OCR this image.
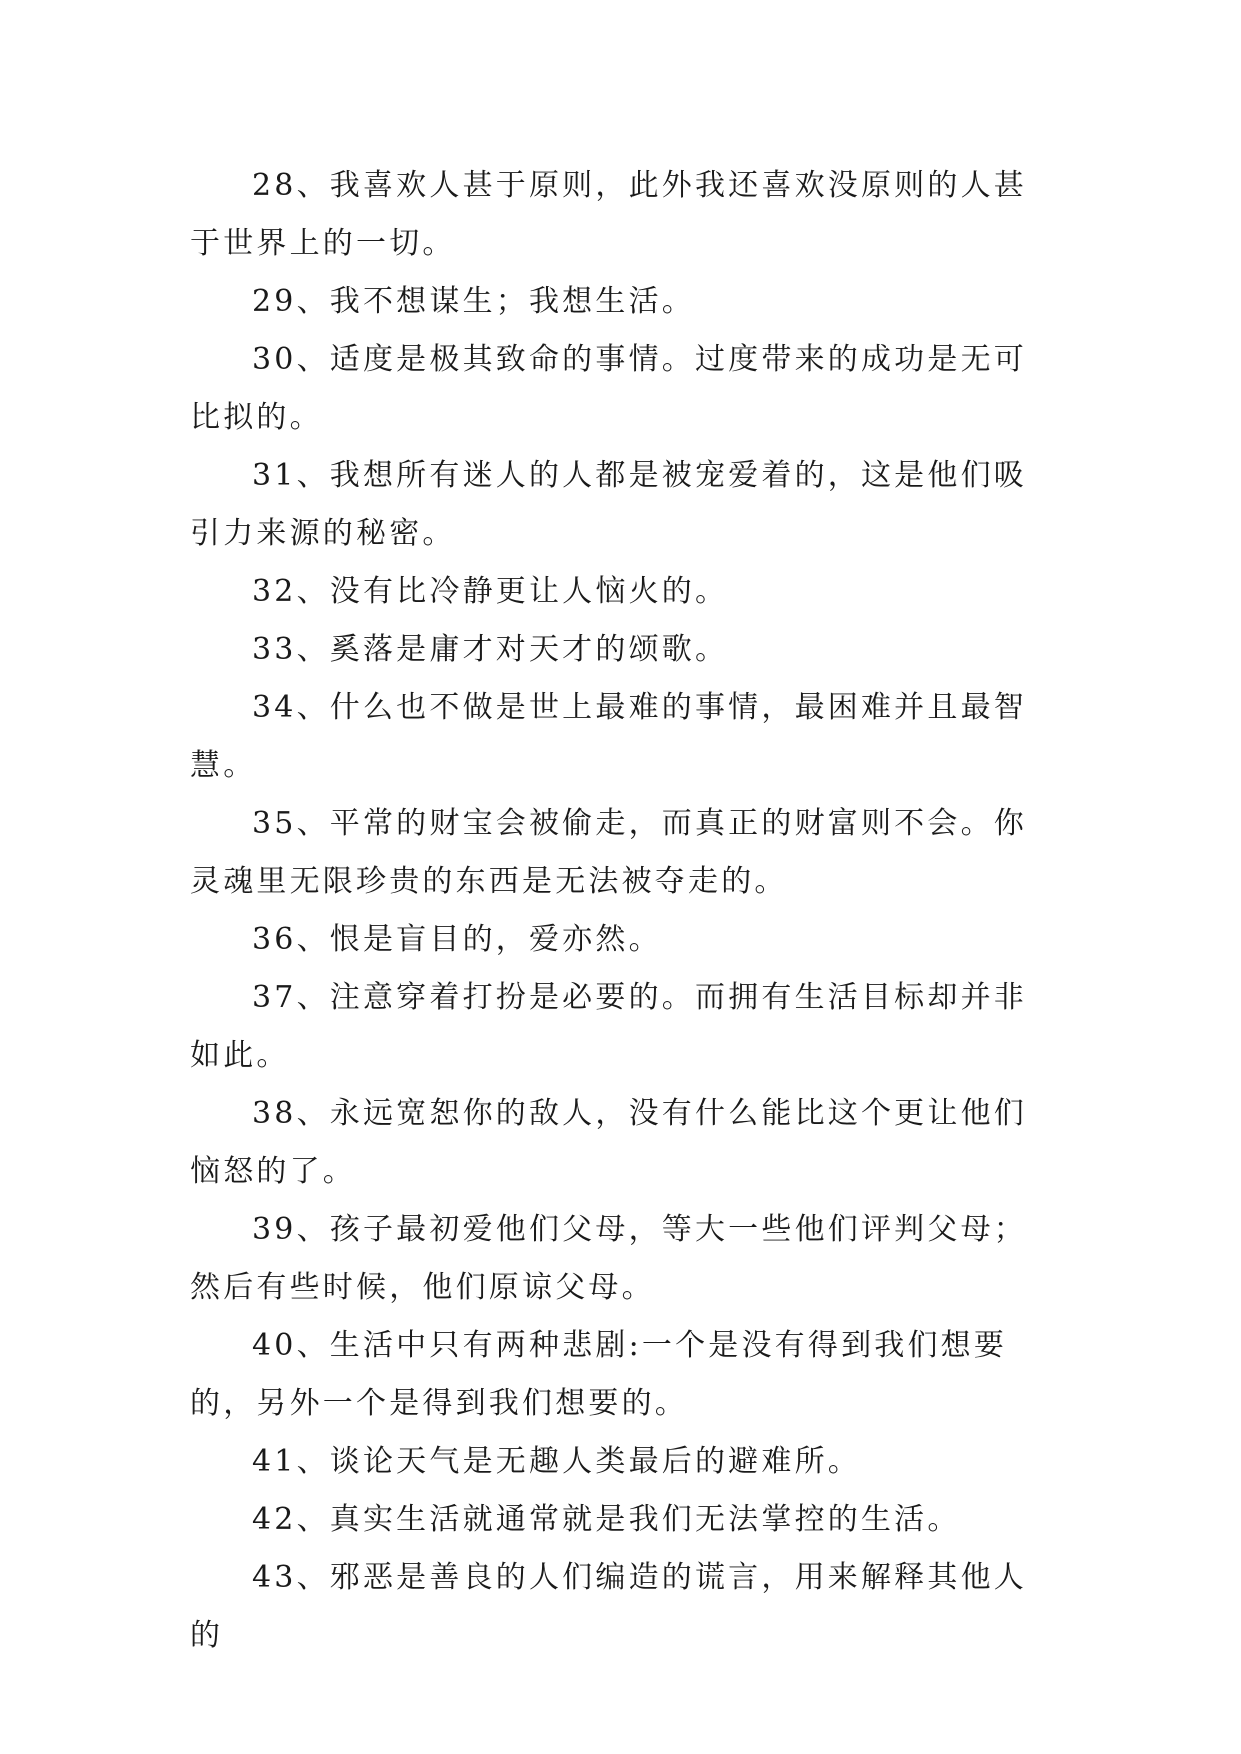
28、我喜欢人甚于原则，此外我还喜欢没原则的人甚于世界上的一切。

29、我不想谋生；我想生活。

30、适度是极其致命的事情。过度带来的成功是无可比拟的。

31、我想所有迷人的人都是被宠爱着的，这是他们吸引力来源的秘密。

32、没有比冷静更让人恼火的。

33、奚落是庸才对天才的颂歌。

34、什么也不做是世上最难的事情，最困难并且最智慧。

35、平常的财宝会被偷走，而真正的财富则不会。你灵魂里无限珍贵的东西是无法被夺走的。

36、恨是盲目的，爱亦然。

37、注意穿着打扮是必要的。而拥有生活目标却并非如此。

38、永远宽恕你的敌人，没有什么能比这个更让他们恼怒的了。

39、孩子最初爱他们父母，等大一些他们评判父母；然后有些时候，他们原谅父母。

40、生活中只有两种悲剧:一个是没有得到我们想要的，另外一个是得到我们想要的。

41、谈论天气是无趣人类最后的避难所。

42、真实生活就通常就是我们无法掌控的生活。

43、邪恶是善良的人们编造的谎言，用来解释其他人的
